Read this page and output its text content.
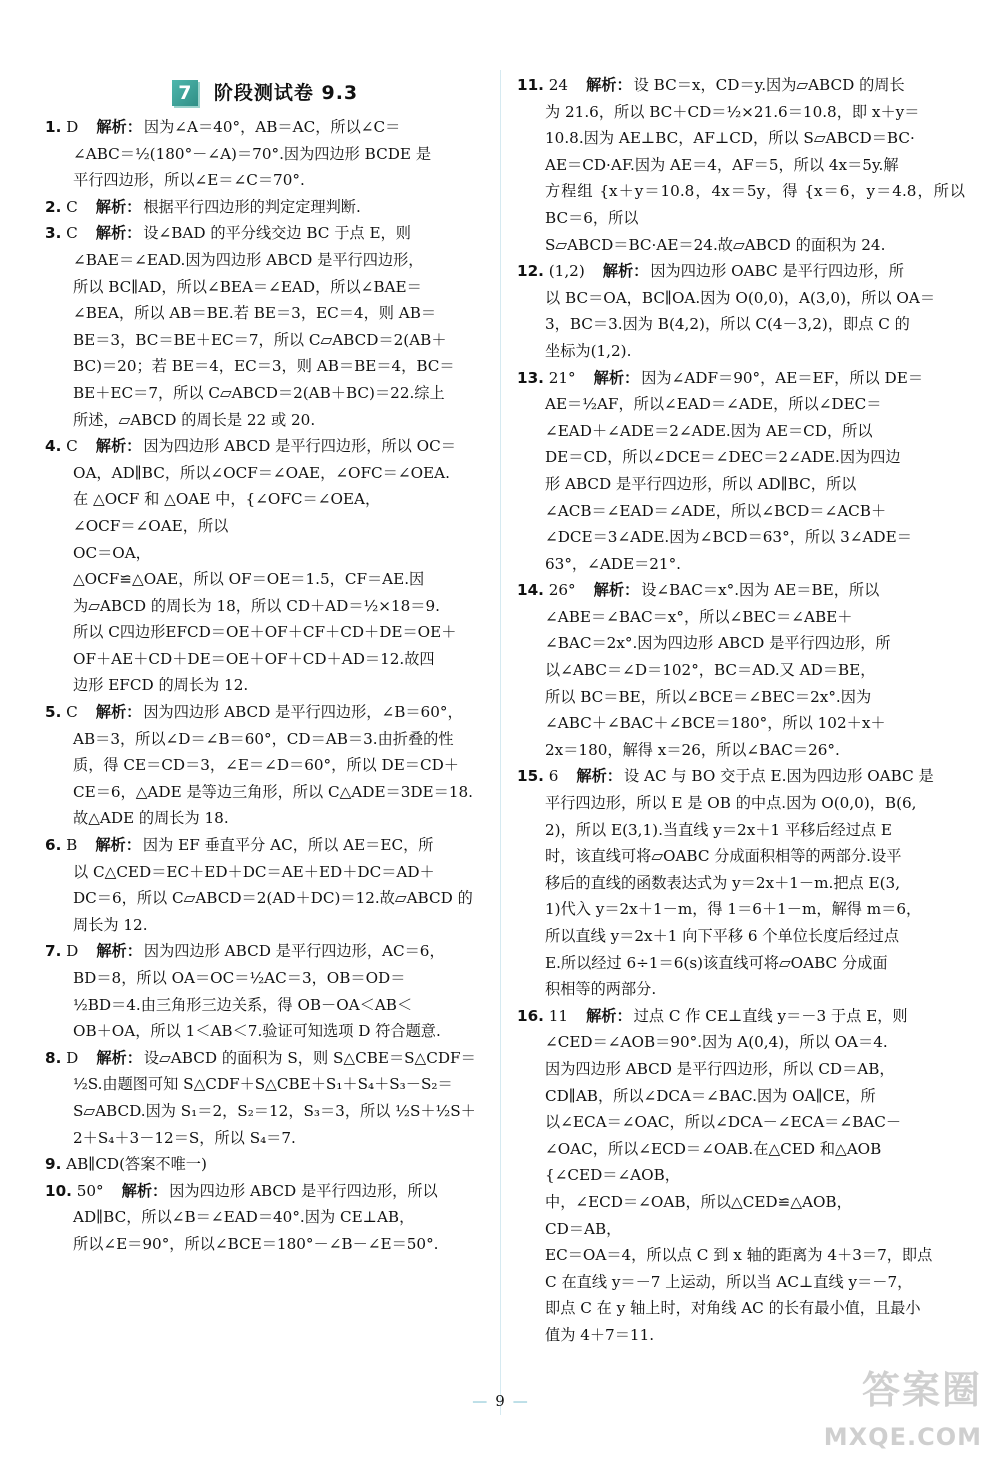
7	阶段测试卷 9.3
1. D 解析： 因为∠A＝40°，AB＝AC，所以∠C＝
∠ABC＝½(180°－∠A)＝70°.因为四边形 BCDE 是
平行四边形，所以∠E＝∠C＝70°.
2. C 解析： 根据平行四边形的判定定理判断.
3. C 解析： 设∠BAD 的平分线交边 BC 于点 E，则
∠BAE＝∠EAD.因为四边形 ABCD 是平行四边形，
所以 BC∥AD，所以∠BEA＝∠EAD，所以∠BAE＝
∠BEA，所以 AB＝BE.若 BE＝3，EC＝4，则 AB＝
BE＝3，BC＝BE＋EC＝7，所以 C▱ABCD＝2(AB＋
BC)＝20；若 BE＝4，EC＝3，则 AB＝BE＝4，BC＝
BE＋EC＝7，所以 C▱ABCD＝2(AB＋BC)＝22.综上
所述，▱ABCD 的周长是 22 或 20.
4. C 解析： 因为四边形 ABCD 是平行四边形，所以 OC＝
OA，AD∥BC，所以∠OCF＝∠OAE，∠OFC＝∠OEA.
在 △OCF 和 △OAE 中，{∠OFC＝∠OEA，
∠OCF＝∠OAE，所以
OC＝OA，
△OCF≌△OAE，所以 OF＝OE＝1.5，CF＝AE.因
为▱ABCD 的周长为 18，所以 CD＋AD＝½×18＝9.
所以 C四边形EFCD＝OE＋OF＋CF＋CD＋DE＝OE＋
OF＋AE＋CD＋DE＝OE＋OF＋CD＋AD＝12.故四
边形 EFCD 的周长为 12.
5. C 解析： 因为四边形 ABCD 是平行四边形，∠B＝60°，
AB＝3，所以∠D＝∠B＝60°，CD＝AB＝3.由折叠的性
质，得 CE＝CD＝3，∠E＝∠D＝60°，所以 DE＝CD＋
CE＝6，△ADE 是等边三角形，所以 C△ADE＝3DE＝18.
故△ADE 的周长为 18.
6. B 解析： 因为 EF 垂直平分 AC，所以 AE＝EC，所
以 C△CED＝EC＋ED＋DC＝AE＋ED＋DC＝AD＋
DC＝6，所以 C▱ABCD＝2(AD＋DC)＝12.故▱ABCD 的
周长为 12.
7. D 解析： 因为四边形 ABCD 是平行四边形，AC＝6，
BD＝8，所以 OA＝OC＝½AC＝3，OB＝OD＝
½BD＝4.由三角形三边关系，得 OB－OA＜AB＜
OB＋OA，所以 1＜AB＜7.验证可知选项 D 符合题意.
8. D 解析： 设▱ABCD 的面积为 S，则 S△CBE＝S△CDF＝
½S.由题图可知 S△CDF＋S△CBE＋S₁＋S₄＋S₃－S₂＝
S▱ABCD.因为 S₁＝2，S₂＝12，S₃＝3，所以 ½S＋½S＋
2＋S₄＋3－12＝S，所以 S₄＝7.
9. AB∥CD(答案不唯一)
10. 50° 解析： 因为四边形 ABCD 是平行四边形，所以
AD∥BC，所以∠B＝∠EAD＝40°.因为 CE⊥AB，
所以∠E＝90°，所以∠BCE＝180°－∠B－∠E＝50°.
11. 24 解析： 设 BC＝x，CD＝y.因为▱ABCD 的周长
为 21.6，所以 BC＋CD＝½×21.6＝10.8，即 x＋y＝
10.8.因为 AE⊥BC，AF⊥CD，所以 S▱ABCD＝BC·
AE＝CD·AF.因为 AE＝4，AF＝5，所以 4x＝5y.解
方程组 {x＋y＝10.8，4x＝5y，得 {x＝6，y＝4.8，所以 BC＝6，所以
S▱ABCD＝BC·AE＝24.故▱ABCD 的面积为 24.
12. (1,2) 解析： 因为四边形 OABC 是平行四边形，所
以 BC＝OA，BC∥OA.因为 O(0,0)，A(3,0)，所以 OA＝
3，BC＝3.因为 B(4,2)，所以 C(4－3,2)，即点 C 的
坐标为(1,2).
13. 21° 解析： 因为∠ADF＝90°，AE＝EF，所以 DE＝
AE＝½AF，所以∠EAD＝∠ADE，所以∠DEC＝
∠EAD＋∠ADE＝2∠ADE.因为 AE＝CD，所以
DE＝CD，所以∠DCE＝∠DEC＝2∠ADE.因为四边
形 ABCD 是平行四边形，所以 AD∥BC，所以
∠ACB＝∠EAD＝∠ADE，所以∠BCD＝∠ACB＋
∠DCE＝3∠ADE.因为∠BCD＝63°，所以 3∠ADE＝
63°，∠ADE＝21°.
14. 26° 解析： 设∠BAC＝x°.因为 AE＝BE，所以
∠ABE＝∠BAC＝x°，所以∠BEC＝∠ABE＋
∠BAC＝2x°.因为四边形 ABCD 是平行四边形，所
以∠ABC＝∠D＝102°，BC＝AD.又 AD＝BE，
所以 BC＝BE，所以∠BCE＝∠BEC＝2x°.因为
∠ABC＋∠BAC＋∠BCE＝180°，所以 102＋x＋
2x＝180，解得 x＝26，所以∠BAC＝26°.
15. 6 解析： 设 AC 与 BO 交于点 E.因为四边形 OABC 是
平行四边形，所以 E 是 OB 的中点.因为 O(0,0)，B(6,
2)，所以 E(3,1).当直线 y＝2x＋1 平移后经过点 E
时，该直线可将▱OABC 分成面积相等的两部分.设平
移后的直线的函数表达式为 y＝2x＋1－m.把点 E(3,
1)代入 y＝2x＋1－m，得 1＝6＋1－m，解得 m＝6，
所以直线 y＝2x＋1 向下平移 6 个单位长度后经过点
E.所以经过 6÷1＝6(s)该直线可将▱OABC 分成面
积相等的两部分.
16. 11 解析： 过点 C 作 CE⊥直线 y＝－3 于点 E，则
∠CED＝∠AOB＝90°.因为 A(0,4)，所以 OA＝4.
因为四边形 ABCD 是平行四边形，所以 CD＝AB，
CD∥AB，所以∠DCA＝∠BAC.因为 OA∥CE，所
以∠ECA＝∠OAC，所以∠DCA－∠ECA＝∠BAC－
∠OAC，所以∠ECD＝∠OAB.在△CED 和△AOB
{∠CED＝∠AOB，
中，∠ECD＝∠OAB，所以△CED≌△AOB，
CD＝AB，
EC＝OA＝4，所以点 C 到 x 轴的距离为 4＋3＝7，即点
C 在直线 y＝－7 上运动，所以当 AC⊥直线 y＝－7，
即点 C 在 y 轴上时，对角线 AC 的长有最小值，且最小
值为 4＋7＝11.
— 9 —	答案圈
MXQE.COM
